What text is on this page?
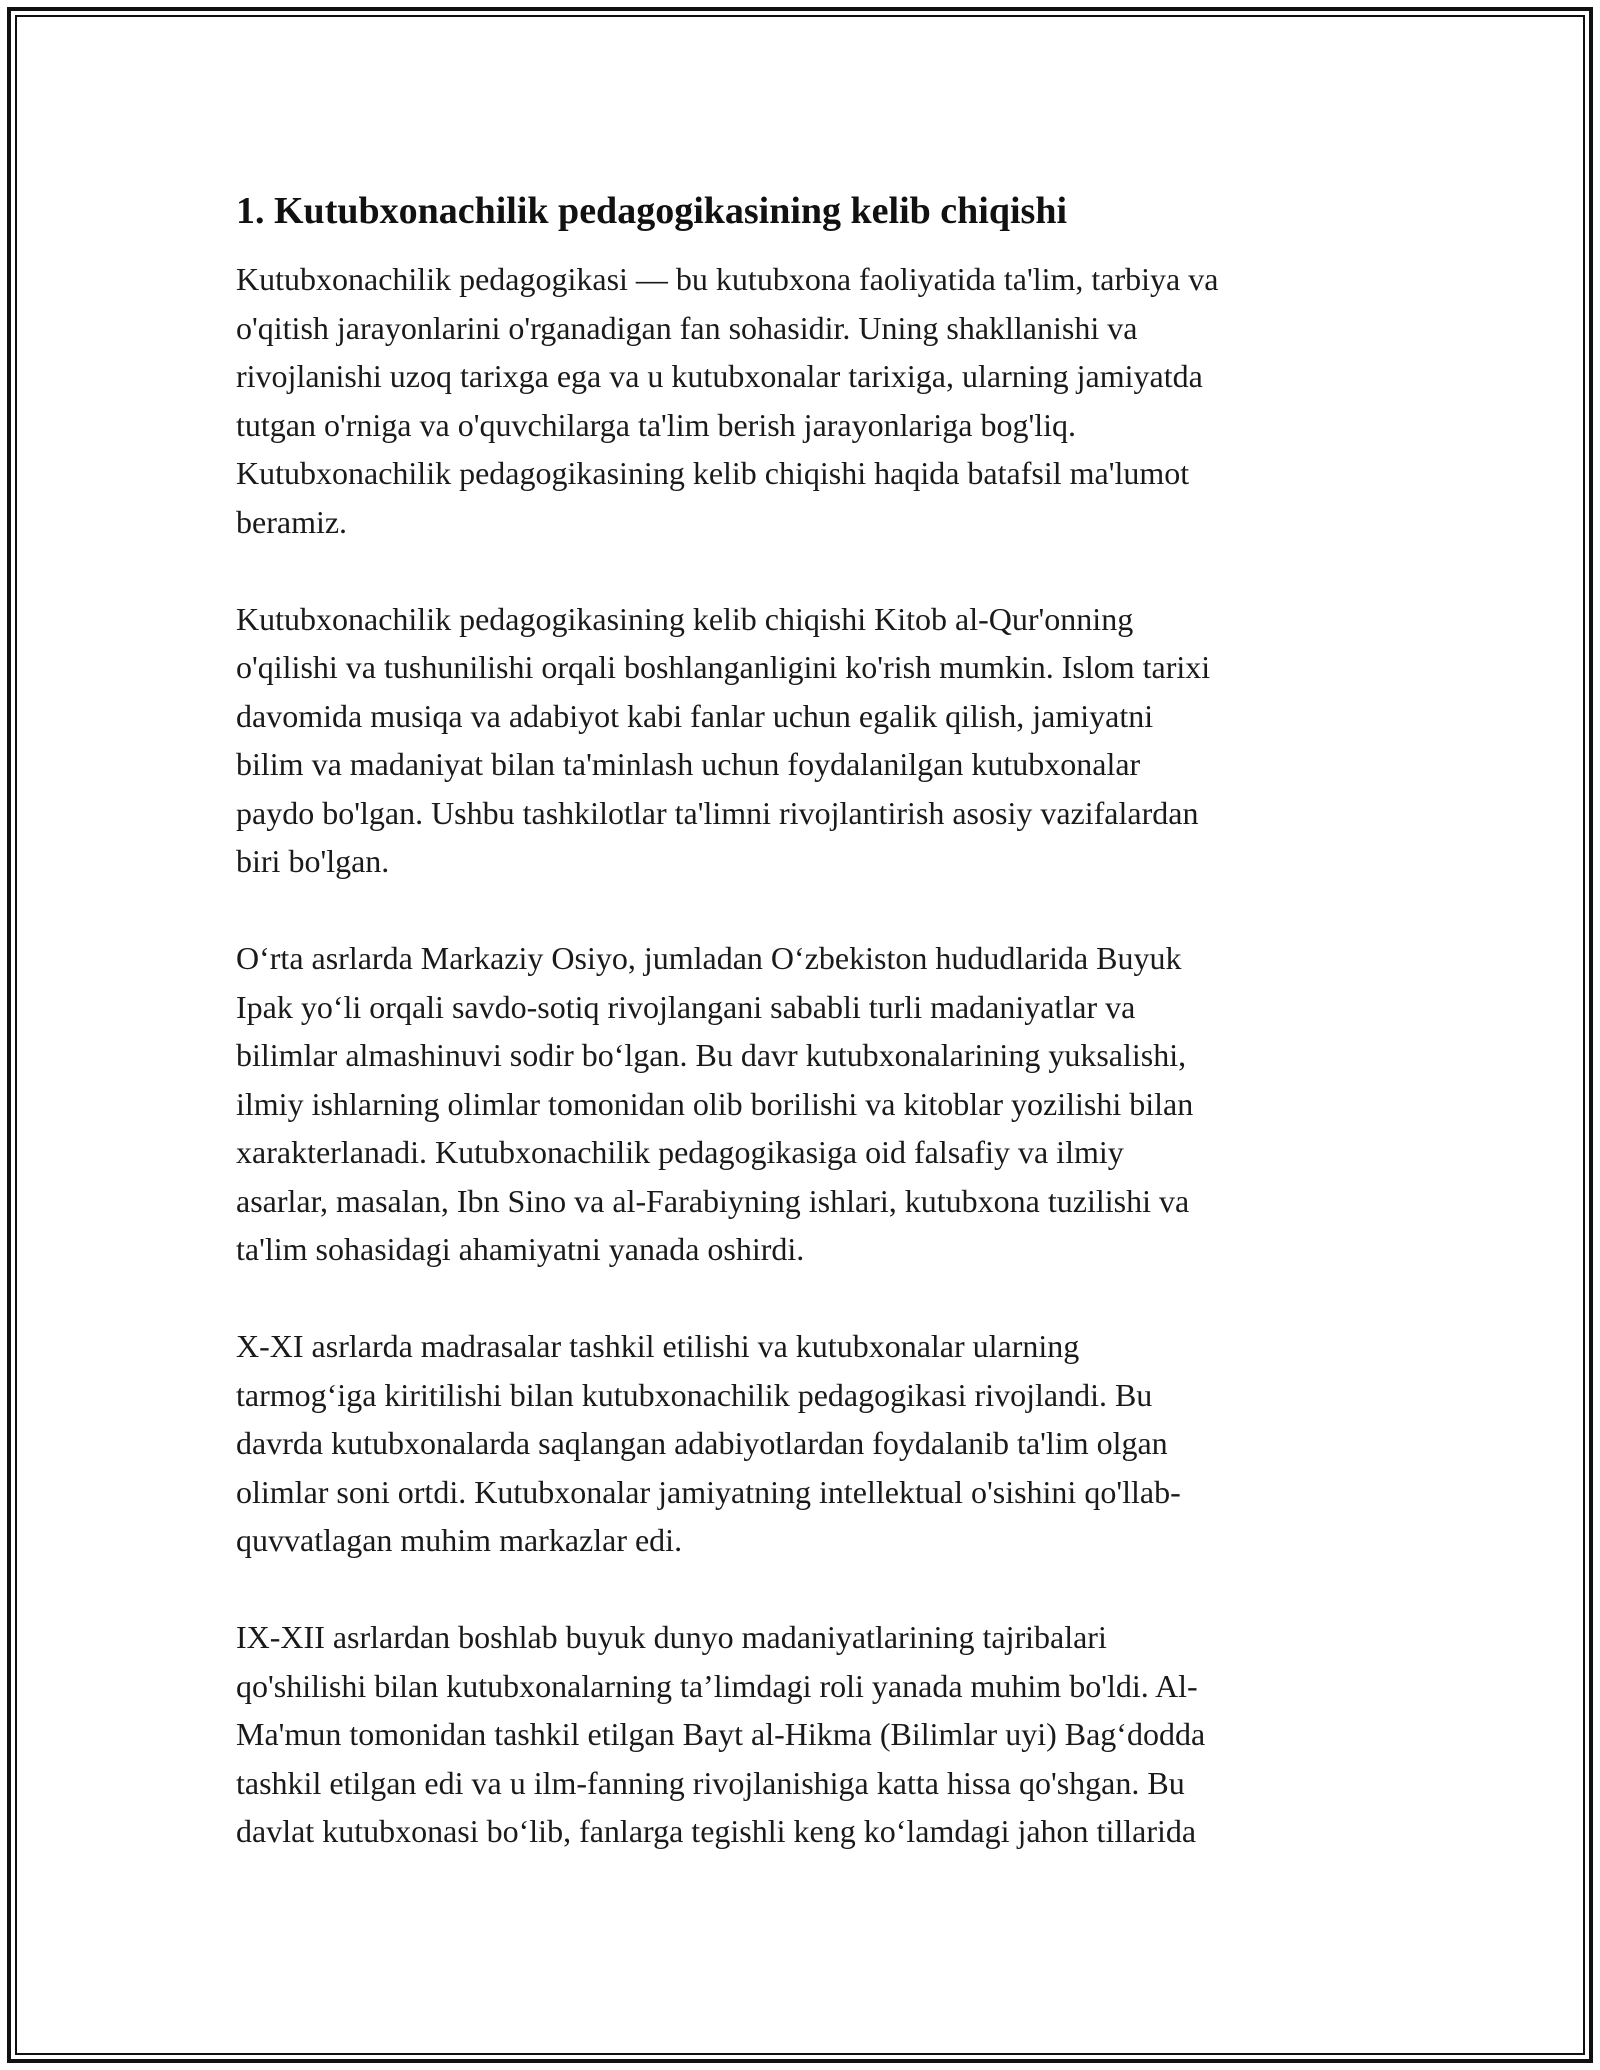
1. Kutubxonachilik pedagogikasining kelib chiqishi

Kutubxonachilik pedagogikasi — bu kutubxona faoliyatida ta'lim, tarbiya va
o'qitish jarayonlarini o'rganadigan fan sohasidir. Uning shakllanishi va
rivojlanishi uzoq tarixga ega va u kutubxonalar tarixiga, ularning jamiyatda
tutgan o'rniga va o'quvchilarga ta'lim berish jarayonlariga bog'liq.
Kutubxonachilik pedagogikasining kelib chiqishi haqida batafsil ma'lumot
beramiz.

Kutubxonachilik pedagogikasining kelib chiqishi Kitob al-Qur'onning
o'qilishi va tushunilishi orqali boshlanganligini ko'rish mumkin. Islom tarixi
davomida musiqa va adabiyot kabi fanlar uchun egalik qilish, jamiyatni
bilim va madaniyat bilan ta'minlash uchun foydalanilgan kutubxonalar
paydo bo'lgan. Ushbu tashkilotlar ta'limni rivojlantirish asosiy vazifalardan
biri bo'lgan.

O‘rta asrlarda Markaziy Osiyo, jumladan O‘zbekiston hududlarida Buyuk
Ipak yo‘li orqali savdo-sotiq rivojlangani sababli turli madaniyatlar va
bilimlar almashinuvi sodir bo‘lgan. Bu davr kutubxonalarining yuksalishi,
ilmiy ishlarning olimlar tomonidan olib borilishi va kitoblar yozilishi bilan
xarakterlanadi. Kutubxonachilik pedagogikasiga oid falsafiy va ilmiy
asarlar, masalan, Ibn Sino va al-Farabiyning ishlari, kutubxona tuzilishi va
ta'lim sohasidagi ahamiyatni yanada oshirdi.

X-XI asrlarda madrasalar tashkil etilishi va kutubxonalar ularning
tarmog‘iga kiritilishi bilan kutubxonachilik pedagogikasi rivojlandi. Bu
davrda kutubxonalarda saqlangan adabiyotlardan foydalanib ta'lim olgan
olimlar soni ortdi. Kutubxonalar jamiyatning intellektual o'sishini qo'llab-
quvvatlagan muhim markazlar edi.

IX-XII asrlardan boshlab buyuk dunyo madaniyatlarining tajribalari
qo'shilishi bilan kutubxonalarning ta’limdagi roli yanada muhim bo'ldi. Al-
Ma'mun tomonidan tashkil etilgan Bayt al-Hikma (Bilimlar uyi) Bag‘dodda
tashkil etilgan edi va u ilm-fanning rivojlanishiga katta hissa qo'shgan. Bu
davlat kutubxonasi bo‘lib, fanlarga tegishli keng ko‘lamdagi jahon tillarida
